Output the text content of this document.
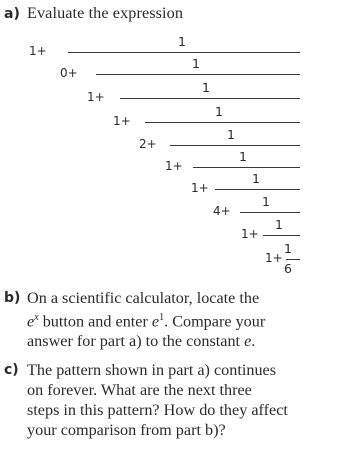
a) Evaluate the expression
1+
1
0+
1
1+
1
1+
1
2+
1
1+
1
1+
1
4+
1
1+
1
1+
1
6
b) On a scientific calculator, locate the

$e^x$ button and enter $e^1$. Compare your

answer for part a) to the constant e.

c) The pattern shown in part a) continues

on forever. What are the next three

steps in this pattern? How do they affect

your comparison from part b)?
